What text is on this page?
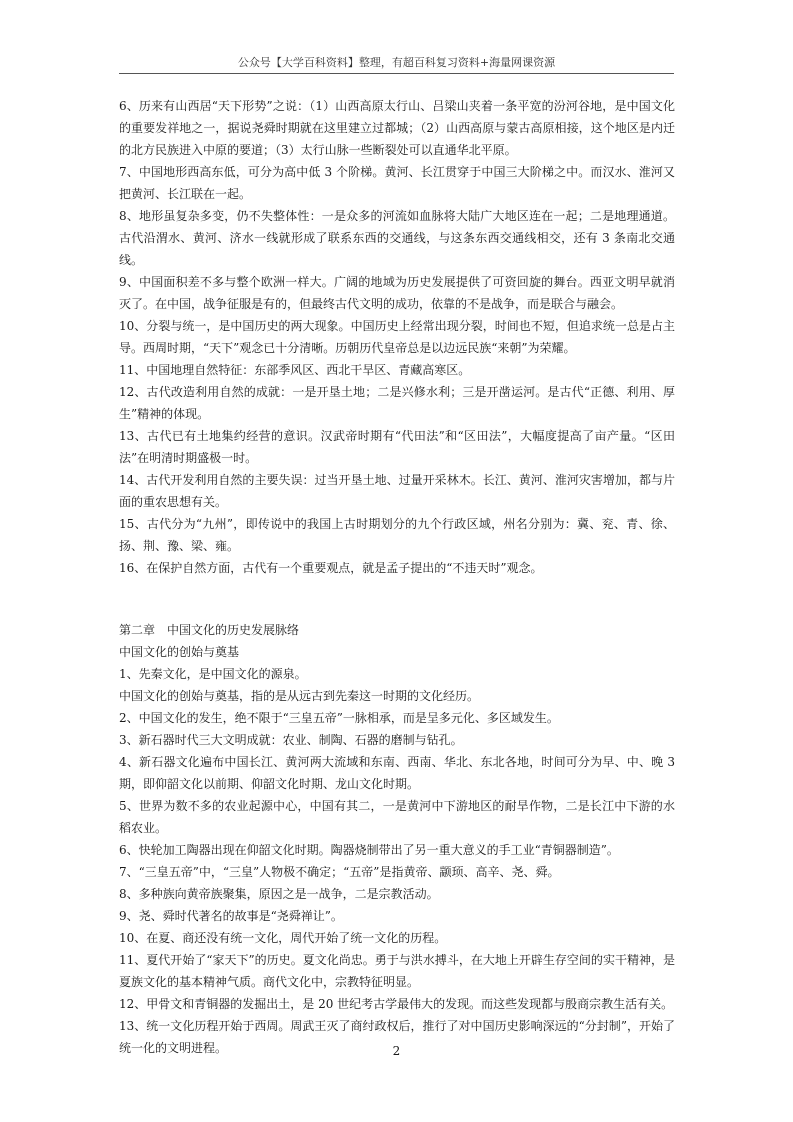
公众号【大学百科资料】整理，有超百科复习资料+海量网课资源

6、历来有山西居“天下形势”之说：（1）山西高原太行山、吕梁山夹着一条平宽的汾河谷地，是中国文化的重要发祥地之一，据说尧舜时期就在这里建立过都城；（2）山西高原与蒙古高原相接，这个地区是内迁的北方民族进入中原的要道；（3）太行山脉一些断裂处可以直通华北平原。

7、中国地形西高东低，可分为高中低 3 个阶梯。黄河、长江贯穿于中国三大阶梯之中。而汉水、淮河又把黄河、长江联在一起。

8、地形虽复杂多变，仍不失整体性：一是众多的河流如血脉将大陆广大地区连在一起；二是地理通道。古代沿渭水、黄河、济水一线就形成了联系东西的交通线，与这条东西交通线相交，还有 3 条南北交通线。

9、中国面积差不多与整个欧洲一样大。广阔的地域为历史发展提供了可资回旋的舞台。西亚文明早就消灭了。在中国，战争征服是有的，但最终古代文明的成功，依靠的不是战争，而是联合与融会。

10、分裂与统一，是中国历史的两大现象。中国历史上经常出现分裂，时间也不短，但追求统一总是占主导。西周时期，“天下”观念已十分清晰。历朝历代皇帝总是以边远民族“来朝”为荣耀。

11、中国地理自然特征：东部季风区、西北干旱区、青藏高寒区。

12、古代改造利用自然的成就：一是开垦土地；二是兴修水利；三是开凿运河。是古代“正德、利用、厚生”精神的体现。

13、古代已有土地集约经营的意识。汉武帝时期有“代田法”和“区田法”，大幅度提高了亩产量。“区田法”在明清时期盛极一时。

14、古代开发利用自然的主要失误：过当开垦土地、过量开采林木。长江、黄河、淮河灾害增加，都与片面的重农思想有关。

15、古代分为“九州”，即传说中的我国上古时期划分的九个行政区域，州名分别为：冀、兖、青、徐、扬、荆、豫、梁、雍。

16、在保护自然方面，古代有一个重要观点，就是孟子提出的“不违天时”观念。

第二章　中国文化的历史发展脉络

中国文化的创始与奠基

1、先秦文化，是中国文化的源泉。

中国文化的创始与奠基，指的是从远古到先秦这一时期的文化经历。

2、中国文化的发生，绝不限于“三皇五帝”一脉相承，而是呈多元化、多区域发生。

3、新石器时代三大文明成就：农业、制陶、石器的磨制与钻孔。

4、新石器文化遍布中国长江、黄河两大流域和东南、西南、华北、东北各地，时间可分为早、中、晚 3 期，即仰韶文化以前期、仰韶文化时期、龙山文化时期。

5、世界为数不多的农业起源中心，中国有其二，一是黄河中下游地区的耐旱作物，二是长江中下游的水稻农业。

6、快轮加工陶器出现在仰韶文化时期。陶器烧制带出了另一重大意义的手工业“青铜器制造”。

7、“三皇五帝”中，“三皇”人物极不确定；“五帝”是指黄帝、颛顼、高辛、尧、舜。

8、多种族向黄帝族聚集，原因之是一战争，二是宗教活动。

9、尧、舜时代著名的故事是“尧舜禅让”。

10、在夏、商还没有统一文化，周代开始了统一文化的历程。

11、夏代开始了“家天下”的历史。夏文化尚忠。勇于与洪水搏斗，在大地上开辟生存空间的实干精神，是夏族文化的基本精神气质。商代文化中，宗教特征明显。

12、甲骨文和青铜器的发掘出土，是 20 世纪考古学最伟大的发现。而这些发现都与殷商宗教生活有关。

13、统一文化历程开始于西周。周武王灭了商纣政权后，推行了对中国历史影响深远的“分封制”，开始了统一化的文明进程。	2
